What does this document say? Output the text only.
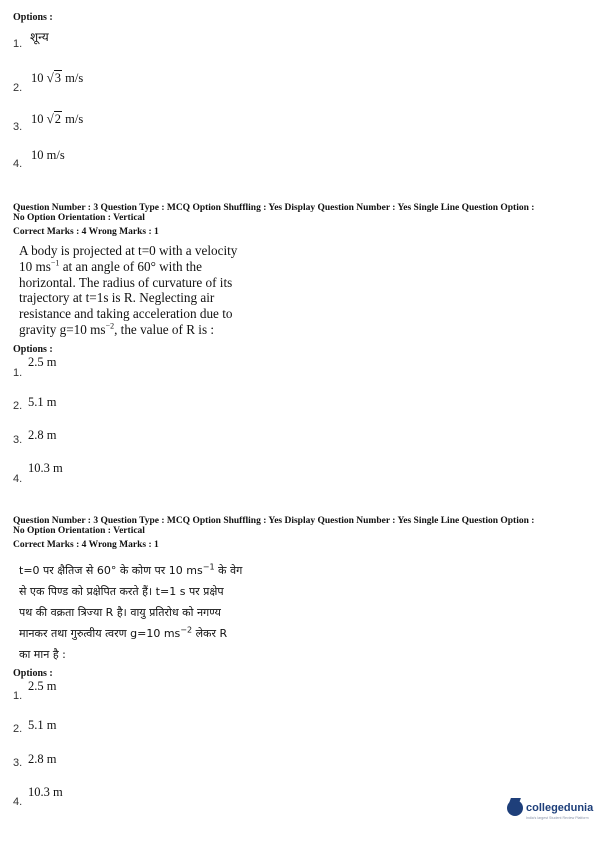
Options :
1. शून्य
2.
10 √3 m/s
3.
10 √2 m/s
4.
10 m/s
Question Number : 3 Question Type : MCQ Option Shuffling : Yes Display Question Number : Yes Single Line Question Option :
No Option Orientation : Vertical
Correct Marks : 4 Wrong Marks : 1
A body is projected at t=0 with a velocity
10 $ms^{-1}$ at an angle of 60° with the
horizontal. The radius of curvature of its
trajectory at t=1s is R. Neglecting air
resistance and taking acceleration due to
gravity g=10 $ms^{-2}$, the value of R is :
Options :
1.
2.5 m
2. 5.1 m
3. 2.8 m
4.
10.3 m
Question Number : 3 Question Type : MCQ Option Shuffling : Yes Display Question Number : Yes Single Line Question Option :
No Option Orientation : Vertical
Correct Marks : 4 Wrong Marks : 1
t=0 पर क्षैतिज से 60° के कोण पर 10 $ms^{-1}$ के वेग
से एक पिण्ड को प्रक्षेपित करते हैं। t=1 s पर प्रक्षेप
पथ की वक्रता त्रिज्या R है। वायु प्रतिरोध को नगण्य
मानकर तथा गुरुत्वीय त्वरण g=10 $ms^{-2}$ लेकर R
का मान है :
Options :
1.
2.5 m
2. 5.1 m
3. 2.8 m
4.
10.3 m
collegedunia
India's largest Student Review Platform
